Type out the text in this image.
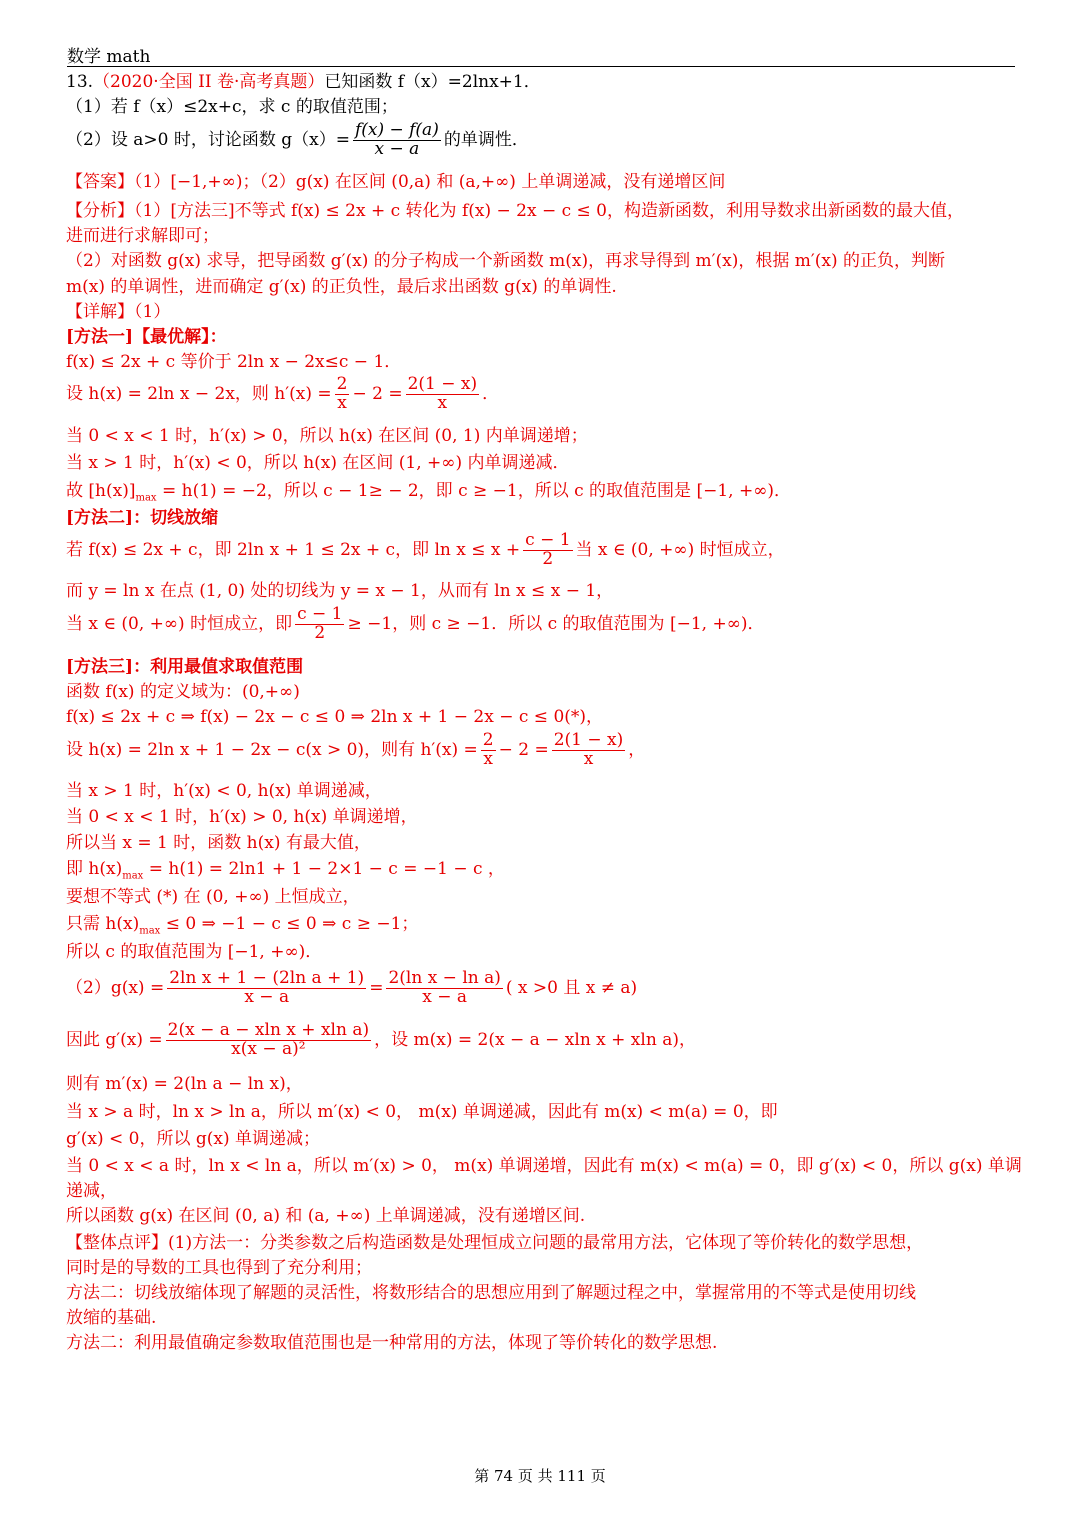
数学 math
13.（2020·全国 II 卷·高考真题）已知函数 f（x）=2lnx+1．
（1）若 f（x）≤2x+c，求 c 的取值范围；
（2）设 a>0 时，讨论函数 $g(x)= \frac{f(x) - f(a)}{x - a}$ 的单调性．
【答案】（1）[−1,+∞)；（2）g(x) 在区间 (0,a) 和 (a,+∞) 上单调递减，没有递增区间
【分析】（1）[方法三]不等式 f(x) ≤ 2x + c 转化为 f(x) − 2x − c ≤ 0，构造新函数，利用导数求出新函数的最大值，
进而进行求解即可；
（2）对函数 g(x) 求导，把导函数 g′(x) 的分子构成一个新函数 m(x)，再求导得到 m′(x)，根据 m′(x) 的正负，判断
m(x) 的单调性，进而确定 g′(x) 的正负性，最后求出函数 g(x) 的单调性.
【详解】（1）
[方法一]【最优解】：
f(x) ≤ 2x + c 等价于 2ln x − 2x≤c − 1．
设 h(x) = 2ln x − 2x，则 $h'(x) = \frac{2}{x} - 2 = \frac{2(1 - x)}{x}$ ．
当 0 < x < 1 时，h′(x) > 0，所以 h(x) 在区间 (0, 1) 内单调递增；
当 x > 1 时，h′(x) < 0，所以 h(x) 在区间 (1, +∞) 内单调递减．
故 $[h(x)]_{max} = h(1) = -2$，所以 c − 1≥ − 2，即 c ≥ −1，所以 c 的取值范围是 [−1, +∞)．
[方法二]：切线放缩
若 f(x) ≤ 2x + c，即 2ln x + 1 ≤ 2x + c，即 $\ln x \le x + \frac{c - 1}{2}$ 当 x ∈ (0, +∞) 时恒成立，
而 y = ln x 在点 (1, 0) 处的切线为 y = x − 1，从而有 ln x ≤ x − 1，
当 x ∈ (0, +∞) 时恒成立，即 $\frac{c - 1}{2} \ge -1$，则 c ≥ −1．所以 c 的取值范围为 [−1, +∞)．
[方法三]：利用最值求取值范围
函数 f(x) 的定义域为：(0,+∞)
f(x) ≤ 2x + c ⇒ f(x) − 2x − c ≤ 0 ⇒ 2ln x + 1 − 2x − c ≤ 0(*)，
设 h(x) = 2ln x + 1 − 2x − c(x > 0)，则有 $h'(x) = \frac{2}{x} - 2 = \frac{2(1 - x)}{x}$ ，
当 x > 1 时，h′(x) < 0, h(x) 单调递减，
当 0 < x < 1 时，h′(x) > 0, h(x) 单调递增，
所以当 x = 1 时，函数 h(x) 有最大值，
即 $h(x)_{max} = h(1) = 2\ln 1 + 1 - 2\times 1 - c = -1 - c$ ，
要想不等式 (*) 在 (0, +∞) 上恒成立，
只需 $h(x)_{max} \le 0$ ⇒ −1 − c ≤ 0 ⇒ c ≥ −1；
所以 c 的取值范围为 [−1, +∞)．
$(2)g(x) = \frac{\text{2ln x + 1 − (2ln a + 1)}}{x - a} = \frac{\text{2(ln x − ln a)}}{x - a}$ ( x >0 且 x ≠ a)
因此 $g'(x) = \frac{\text{2(x − a − xln x + xln a)}}{\text{x(x − a)²}}$ ，设 m(x) = 2(x − a − xln x + xln a)，
则有 m′(x) = 2(ln a − ln x)，
当 x > a 时，ln x > ln a，所以 m′(x) < 0， m(x) 单调递减，因此有 m(x) < m(a) = 0，即
g′(x) < 0，所以 g(x) 单调递减；
当 0 < x < a 时，ln x < ln a，所以 m′(x) > 0， m(x) 单调递增，因此有 m(x) < m(a) = 0，即 g′(x) < 0，所以 g(x) 单调
递减，
所以函数 g(x) 在区间 (0, a) 和 (a, +∞) 上单调递减，没有递增区间.
【整体点评】(1)方法一：分类参数之后构造函数是处理恒成立问题的最常用方法，它体现了等价转化的数学思想，
同时是的导数的工具也得到了充分利用；
方法二：切线放缩体现了解题的灵活性，将数形结合的思想应用到了解题过程之中，掌握常用的不等式是使用切线
放缩的基础.
方法二：利用最值确定参数取值范围也是一种常用的方法，体现了等价转化的数学思想.
第 74 页 共 111 页
